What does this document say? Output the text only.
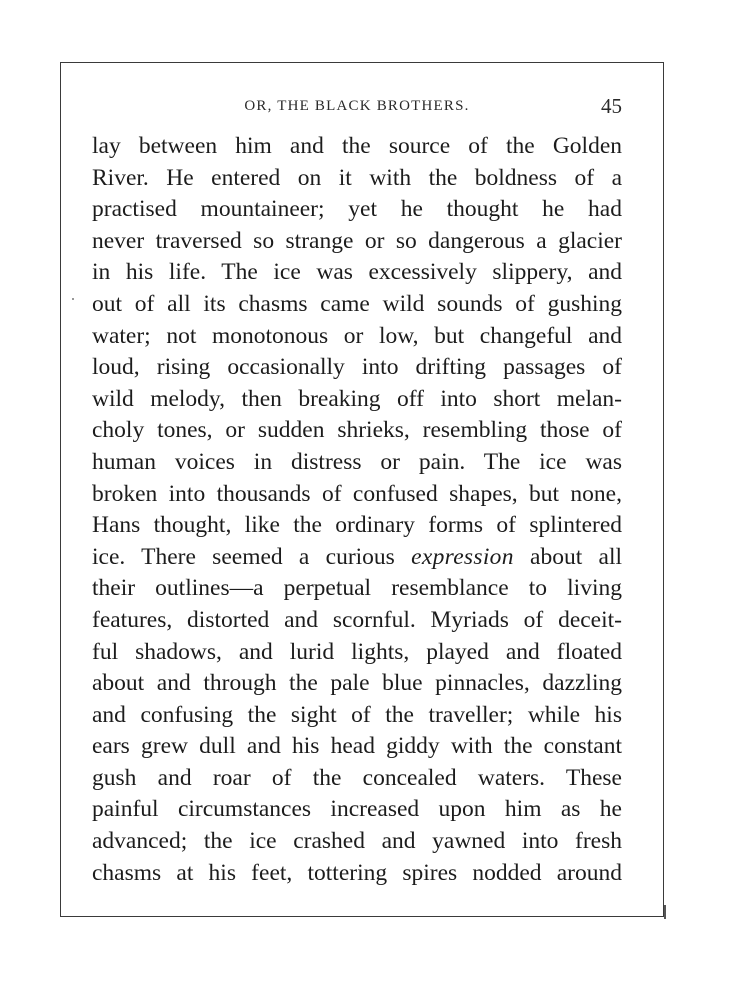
OR, THE BLACK BROTHERS.	45
lay between him and the source of the Golden
River. He entered on it with the boldness of a
practised mountaineer; yet he thought he had
never traversed so strange or so dangerous a glacier
in his life. The ice was excessively slippery, and
out of all its chasms came wild sounds of gushing
water; not monotonous or low, but changeful and
loud, rising occasionally into drifting passages of
wild melody, then breaking off into short melan-
choly tones, or sudden shrieks, resembling those of
human voices in distress or pain. The ice was
broken into thousands of confused shapes, but none,
Hans thought, like the ordinary forms of splintered
ice. There seemed a curious expression about all
their outlines—a perpetual resemblance to living
features, distorted and scornful. Myriads of deceit-
ful shadows, and lurid lights, played and floated
about and through the pale blue pinnacles, dazzling
and confusing the sight of the traveller; while his
ears grew dull and his head giddy with the constant
gush and roar of the concealed waters. These
painful circumstances increased upon him as he
advanced; the ice crashed and yawned into fresh
chasms at his feet, tottering spires nodded around
